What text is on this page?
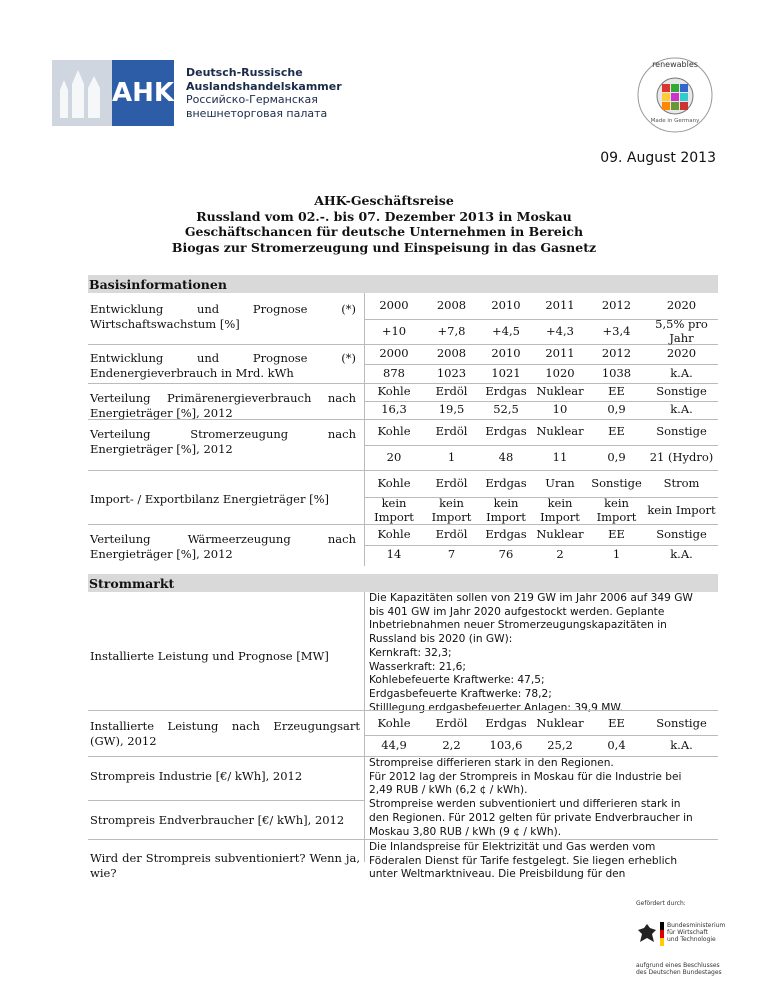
AHK
Deutsch-Russische
Auslandshandelskammer
Российско-Германская
внешнеторговая палата
renewables
Made in Germany
09. August 2013
AHK-Geschäftsreise
Russland vom 02.-. bis 07. Dezember 2013 in Moskau
Geschäftschancen für deutsche Unternehmen in Bereich
Biogas zur Stromerzeugung und Einspeisung in das Gasnetz
Basisinformationen
Entwicklung und Prognose (*) Wirtschaftswachstum [%]
2000
+10
2008
+7,8
2010
+4,5
2011
+4,3
2012
+3,4
2020
5,5% pro Jahr
Entwicklung und Prognose (*) Endenergieverbrauch in Mrd. kWh
2000
878
2008
1023
2010
1021
2011
1020
2012
1038
2020
k.A.
Verteilung Primärenergieverbrauch nach Energieträger [%], 2012
Kohle
16,3
Erdöl
19,5
Erdgas
52,5
Nuklear
10
EE
0,9
Sonstige
k.A.
Verteilung Stromerzeugung nach Energieträger [%], 2012
Kohle
20
Erdöl
1
Erdgas
48
Nuklear
11
EE
0,9
Sonstige
21 (Hydro)
Import- / Exportbilanz Energieträger [%]
Kohle
kein Import
Erdöl
kein Import
Erdgas
kein Import
Uran
kein Import
Sonstige
kein Import
Strom
kein Import
Verteilung Wärmeerzeugung nach Energieträger [%], 2012
Kohle
14
Erdöl
7
Erdgas
76
Nuklear
2
EE
1
Sonstige
k.A.
Strommarkt
Installierte Leistung und Prognose [MW]
Die Kapazitäten sollen von 219 GW im Jahr 2006 auf 349 GW
bis 401 GW im Jahr 2020 aufgestockt werden. Geplante
Inbetriebnahmen neuer Stromerzeugungskapazitäten in
Russland bis 2020 (in GW):
Kernkraft: 32,3;
Wasserkraft: 21,6;
Kohlebefeuerte Kraftwerke: 47,5;
Erdgasbefeuerte Kraftwerke: 78,2;
Stilllegung erdgasbefeuerter Anlagen: 39,9 MW.
Installierte Leistung nach Erzeugungsart (GW), 2012
Kohle
44,9
Erdöl
2,2
Erdgas
103,6
Nuklear
25,2
EE
0,4
Sonstige
k.A.
Strompreis Industrie [€/ kWh], 2012
Strompreis Endverbraucher [€/ kWh], 2012
Strompreise differieren stark in den Regionen.
Für 2012 lag der Strompreis in Moskau für die Industrie bei
2,49 RUB / kWh (6,2 ¢ / kWh).
Strompreise werden subventioniert und differieren stark in
den Regionen. Für 2012 gelten für private Endverbraucher in
Moskau 3,80 RUB / kWh (9 ¢ / kWh).
Wird der Strompreis subventioniert? Wenn ja, wie?
Die Inlandspreise für Elektrizität und Gas werden vom
Föderalen Dienst für Tarife festgelegt. Sie liegen erheblich
unter Weltmarktniveau. Die Preisbildung für den
Gefördert durch:
Bundesministerium
für Wirtschaft
und Technologie
aufgrund eines Beschlusses
des Deutschen Bundestages
